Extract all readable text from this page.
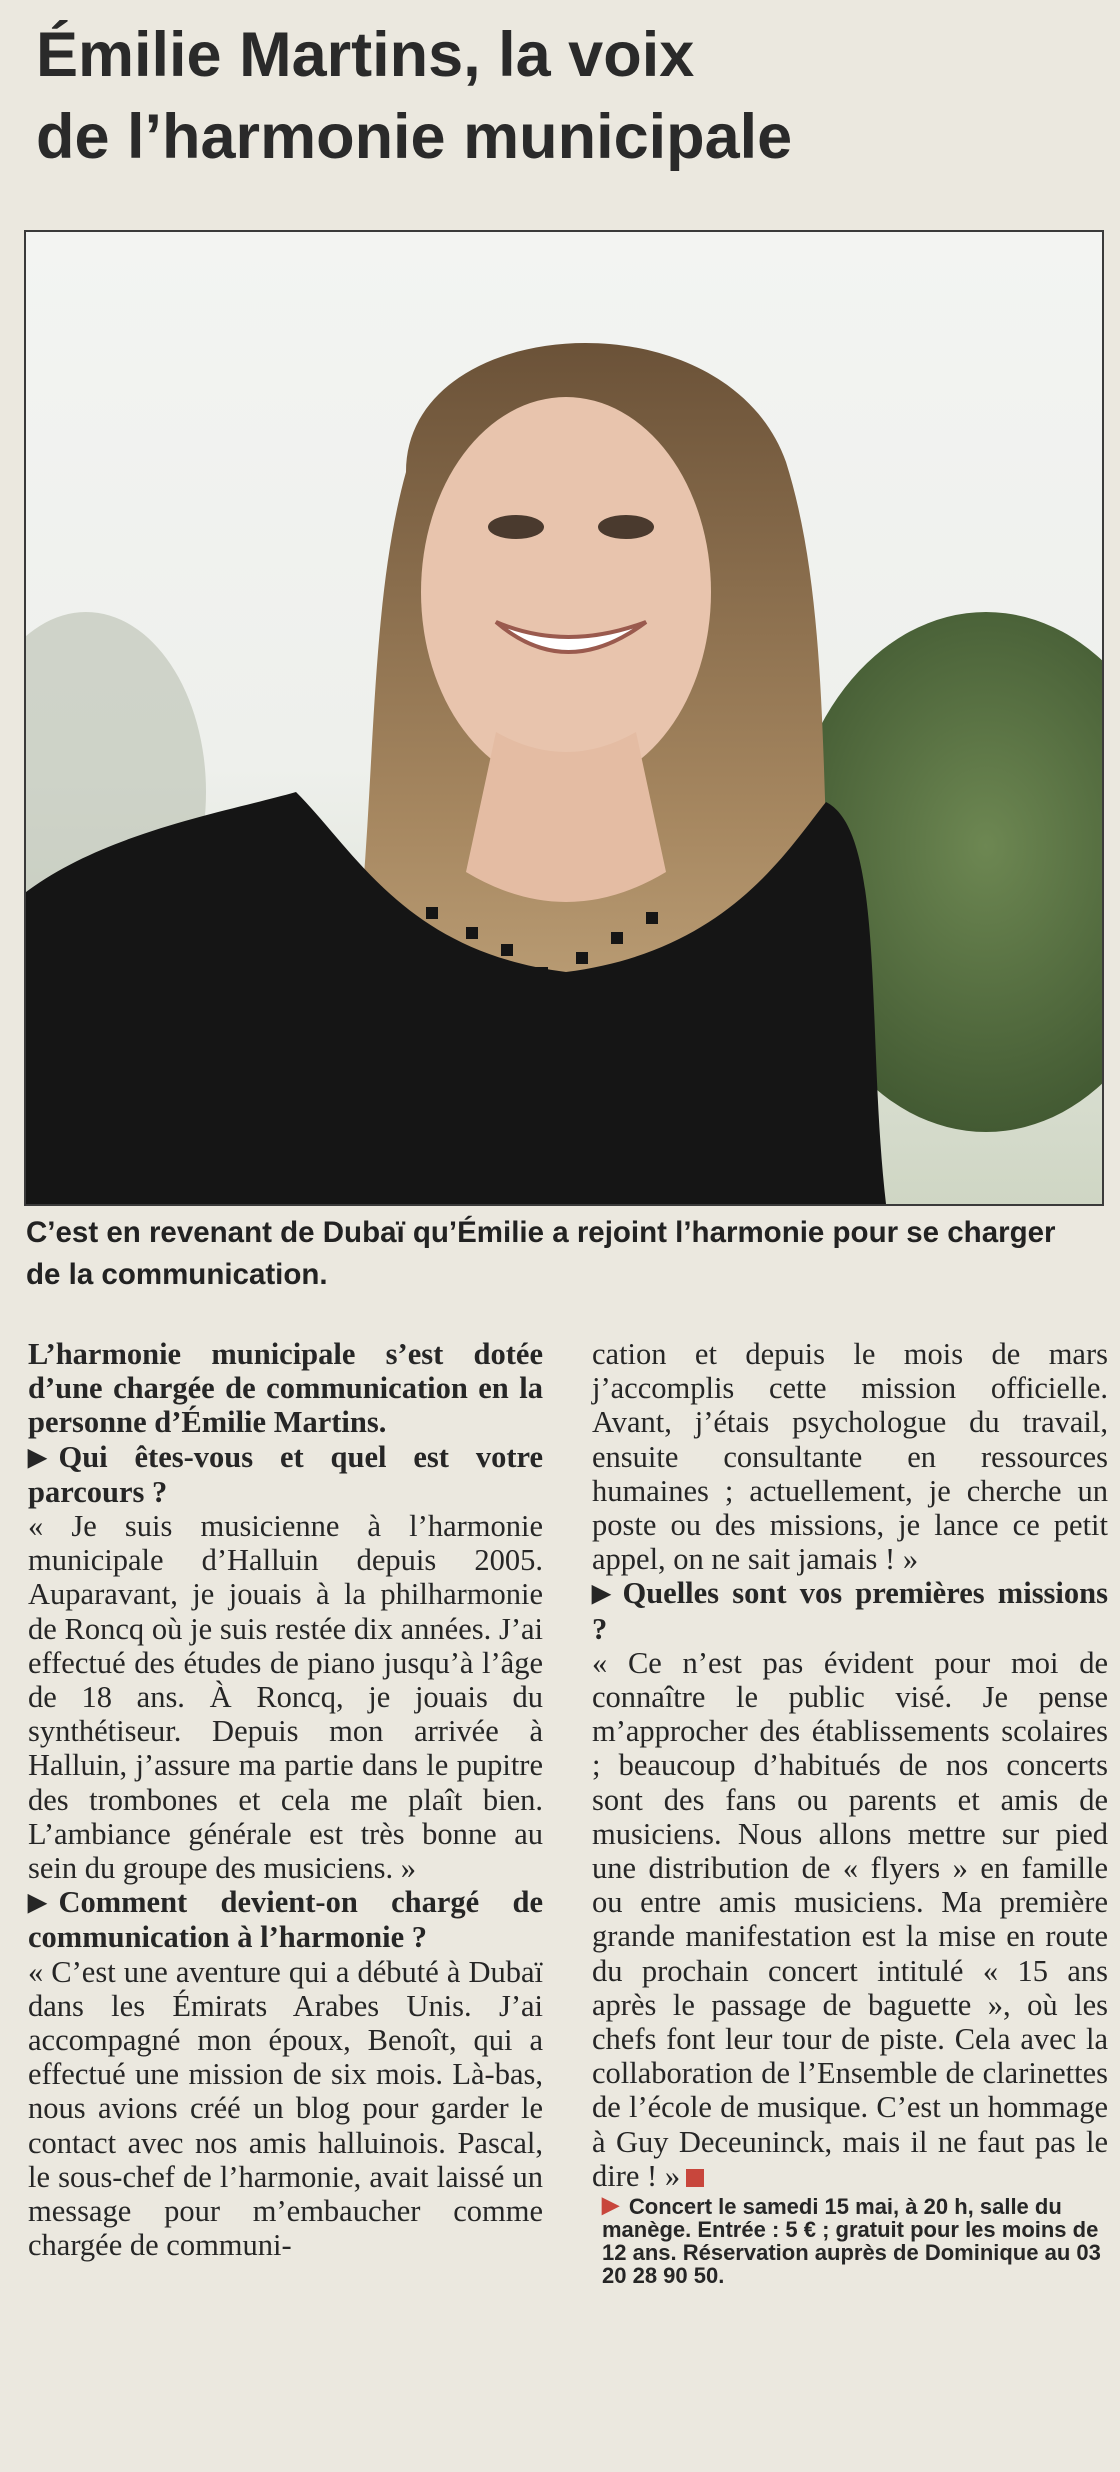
Émilie Martins, la voix
de l’harmonie municipale

C’est en revenant de Dubaï qu’Émilie a rejoint l’harmonie pour se charger de la communication.

L’harmonie municipale s’est dotée d’une chargée de communication en la personne d’Émilie Martins.

▶ Qui êtes-vous et quel est votre parcours ?

« Je suis musicienne à l’harmonie municipale d’Halluin depuis 2005. Auparavant, je jouais à la philharmonie de Roncq où je suis restée dix années. J’ai effectué des études de piano jusqu’à l’âge de 18 ans. À Roncq, je jouais du synthétiseur. Depuis mon arrivée à Halluin, j’assure ma partie dans le pupitre des trombones et cela me plaît bien. L’ambiance générale est très bonne au sein du groupe des musiciens. »

▶ Comment devient-on chargé de communication à l’harmonie ?

« C’est une aventure qui a débuté à Dubaï dans les Émirats Arabes Unis. J’ai accompagné mon époux, Benoît, qui a effectué une mission de six mois. Là-bas, nous avions créé un blog pour garder le contact avec nos amis halluinois. Pascal, le sous-chef de l’harmonie, avait laissé un message pour m’embaucher comme chargée de communi-

cation et depuis le mois de mars j’accomplis cette mission officielle. Avant, j’étais psychologue du travail, ensuite consultante en ressources humaines ; actuellement, je cherche un poste ou des missions, je lance ce petit appel, on ne sait jamais ! »

▶ Quelles sont vos premières missions ?

« Ce n’est pas évident pour moi de connaître le public visé. Je pense m’approcher des établissements scolaires ; beaucoup d’habitués de nos concerts sont des fans ou parents et amis de musiciens. Nous allons mettre sur pied une distribution de « flyers » en famille ou entre amis musiciens. Ma première grande manifestation est la mise en route du prochain concert intitulé « 15 ans après le passage de baguette », où les chefs font leur tour de piste. Cela avec la collaboration de l’Ensemble de clarinettes de l’école de musique. C’est un hommage à Guy Deceuninck, mais il ne faut pas le dire ! »

▶ Concert le samedi 15 mai, à 20 h, salle du manège. Entrée : 5 € ; gratuit pour les moins de 12 ans. Réservation auprès de Dominique au 03 20 28 90 50.
